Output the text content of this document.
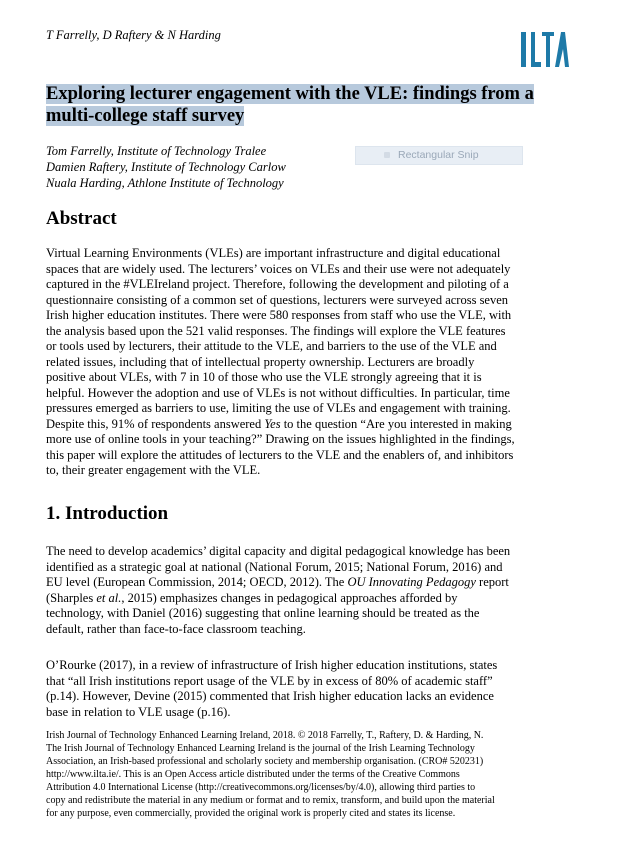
T Farrelly, D Raftery & N Harding
Exploring lecturer engagement with the VLE: findings from a multi-college staff survey
Tom Farrelly, Institute of Technology Tralee
Damien Raftery, Institute of Technology Carlow
Nuala Harding, Athlone Institute of Technology
Rectangular Snip
Abstract

Virtual Learning Environments (VLEs) are important infrastructure and digital educational
spaces that are widely used. The lecturers’ voices on VLEs and their use were not adequately
captured in the #VLEIreland project. Therefore, following the development and piloting of a
questionnaire consisting of a common set of questions, lecturers were surveyed across seven
Irish higher education institutes. There were 580 responses from staff who use the VLE, with
the analysis based upon the 521 valid responses. The findings will explore the VLE features
or tools used by lecturers, their attitude to the VLE, and barriers to the use of the VLE and
related issues, including that of intellectual property ownership. Lecturers are broadly
positive about VLEs, with 7 in 10 of those who use the VLE strongly agreeing that it is
helpful. However the adoption and use of VLEs is not without difficulties. In particular, time
pressures emerged as barriers to use, limiting the use of VLEs and engagement with training.
Despite this, 91% of respondents answered Yes to the question “Are you interested in making
more use of online tools in your teaching?” Drawing on the issues highlighted in the findings,
this paper will explore the attitudes of lecturers to the VLE and the enablers of, and inhibitors
to, their greater engagement with the VLE.

1. Introduction

The need to develop academics’ digital capacity and digital pedagogical knowledge has been
identified as a strategic goal at national (National Forum, 2015; National Forum, 2016) and
EU level (European Commission, 2014; OECD, 2012). The OU Innovating Pedagogy report
(Sharples et al., 2015) emphasizes changes in pedagogical approaches afforded by
technology, with Daniel (2016) suggesting that online learning should be treated as the
default, rather than face-to-face classroom teaching.

O’Rourke (2017), in a review of infrastructure of Irish higher education institutions, states
that “all Irish institutions report usage of the VLE by in excess of 80% of academic staff”
(p.14). However, Devine (2015) commented that Irish higher education lacks an evidence
base in relation to VLE usage (p.16).

Irish Journal of Technology Enhanced Learning Ireland, 2018. © 2018 Farrelly, T., Raftery, D. & Harding, N.
The Irish Journal of Technology Enhanced Learning Ireland is the journal of the Irish Learning Technology
Association, an Irish-based professional and scholarly society and membership organisation. (CRO# 520231)
http://www.ilta.ie/. This is an Open Access article distributed under the terms of the Creative Commons
Attribution 4.0 International License (http://creativecommons.org/licenses/by/4.0), allowing third parties to
copy and redistribute the material in any medium or format and to remix, transform, and build upon the material
for any purpose, even commercially, provided the original work is properly cited and states its license.
